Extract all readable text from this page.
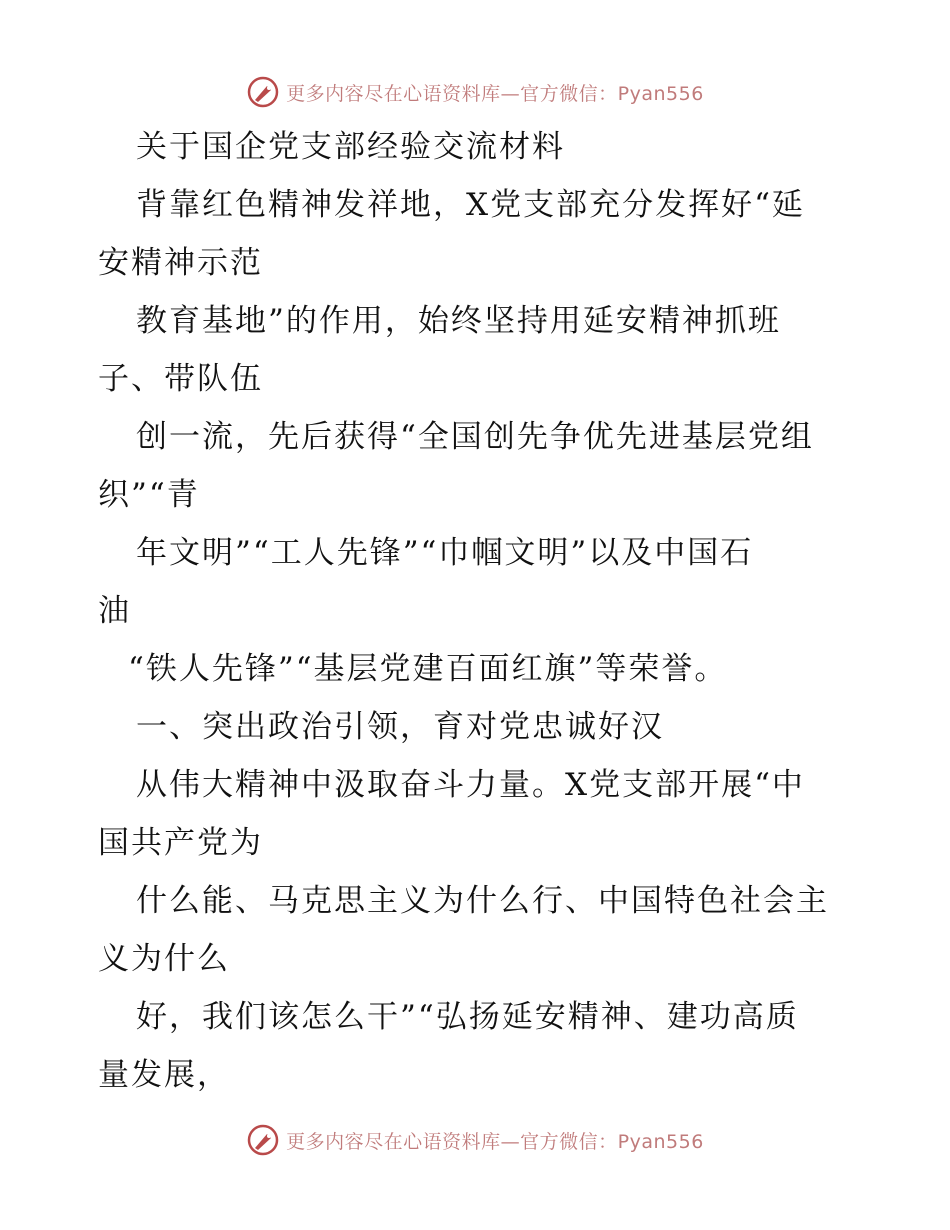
更多内容尽在心语资料库—官方微信：Pyan556
关于国企党支部经验交流材料
背靠红色精神发祥地，X党支部充分发挥好“延
安精神示范
教育基地”的作用，始终坚持用延安精神抓班
子、带队伍
创一流，先后获得“全国创先争优先进基层党组
织”“青
年文明”“工人先锋”“巾帼文明”以及中国石
油
“铁人先锋”“基层党建百面红旗”等荣誉。
一、突出政治引领，育对党忠诚好汉
从伟大精神中汲取奋斗力量。X党支部开展“中
国共产党为
什么能、马克思主义为什么行、中国特色社会主
义为什么
好，我们该怎么干”“弘扬延安精神、建功高质
量发展，
更多内容尽在心语资料库—官方微信：Pyan556
